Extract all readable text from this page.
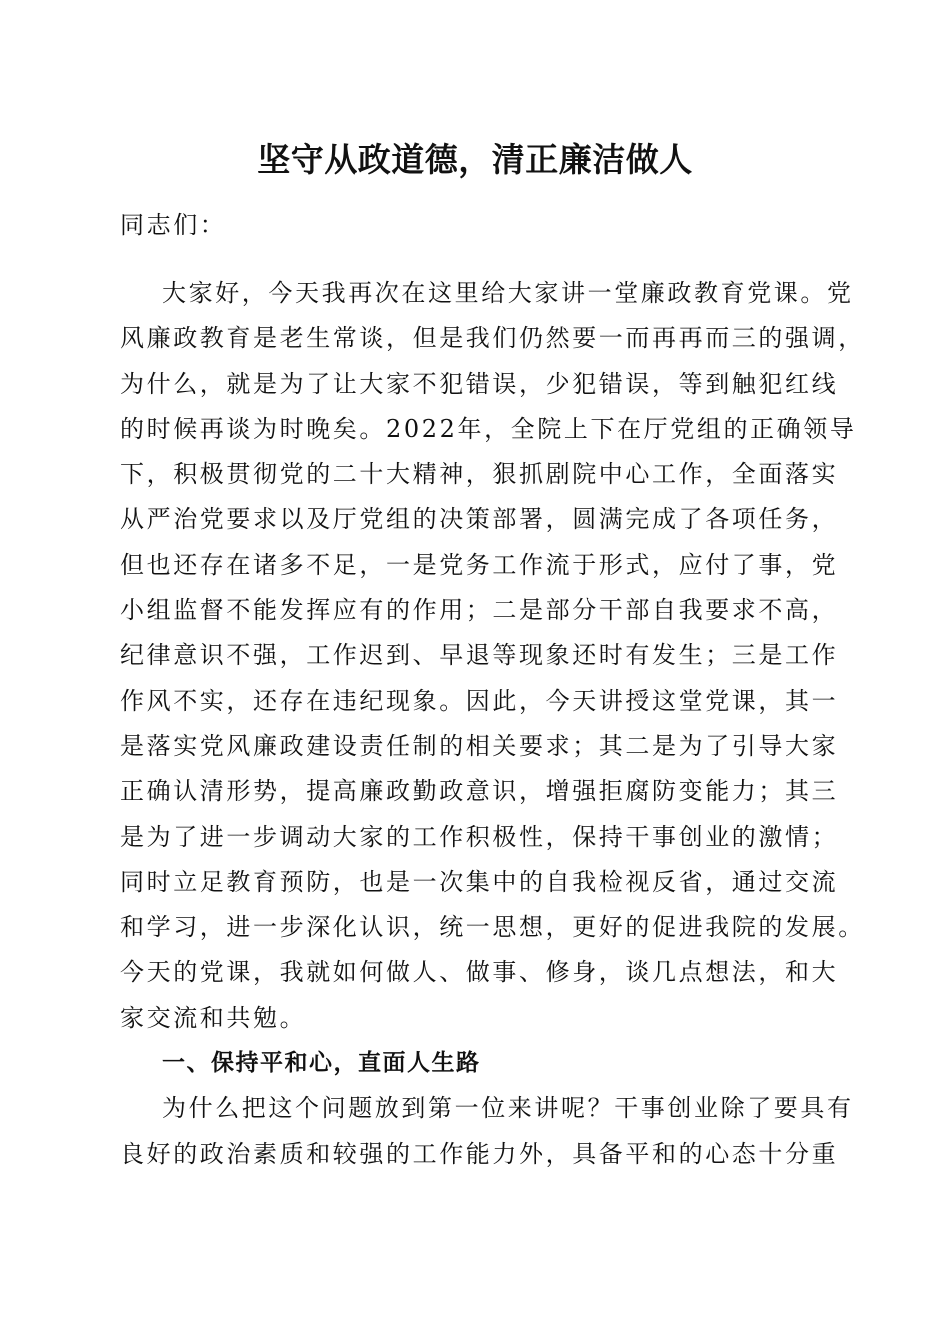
坚守从政道德，清正廉洁做人
同志们：
大家好，今天我再次在这里给大家讲一堂廉政教育党课。党
风廉政教育是老生常谈，但是我们仍然要一而再再而三的强调，
为什么，就是为了让大家不犯错误，少犯错误，等到触犯红线
的时候再谈为时晚矣。2022年，全院上下在厅党组的正确领导
下，积极贯彻党的二十大精神，狠抓剧院中心工作，全面落实
从严治党要求以及厅党组的决策部署，圆满完成了各项任务，
但也还存在诸多不足，一是党务工作流于形式，应付了事，党
小组监督不能发挥应有的作用；二是部分干部自我要求不高，
纪律意识不强，工作迟到、早退等现象还时有发生；三是工作
作风不实，还存在违纪现象。因此，今天讲授这堂党课，其一
是落实党风廉政建设责任制的相关要求；其二是为了引导大家
正确认清形势，提高廉政勤政意识，增强拒腐防变能力；其三
是为了进一步调动大家的工作积极性，保持干事创业的激情；
同时立足教育预防，也是一次集中的自我检视反省，通过交流
和学习，进一步深化认识，统一思想，更好的促进我院的发展。
今天的党课，我就如何做人、做事、修身，谈几点想法，和大
家交流和共勉。
一、保持平和心，直面人生路
为什么把这个问题放到第一位来讲呢？干事创业除了要具有
良好的政治素质和较强的工作能力外，具备平和的心态十分重
